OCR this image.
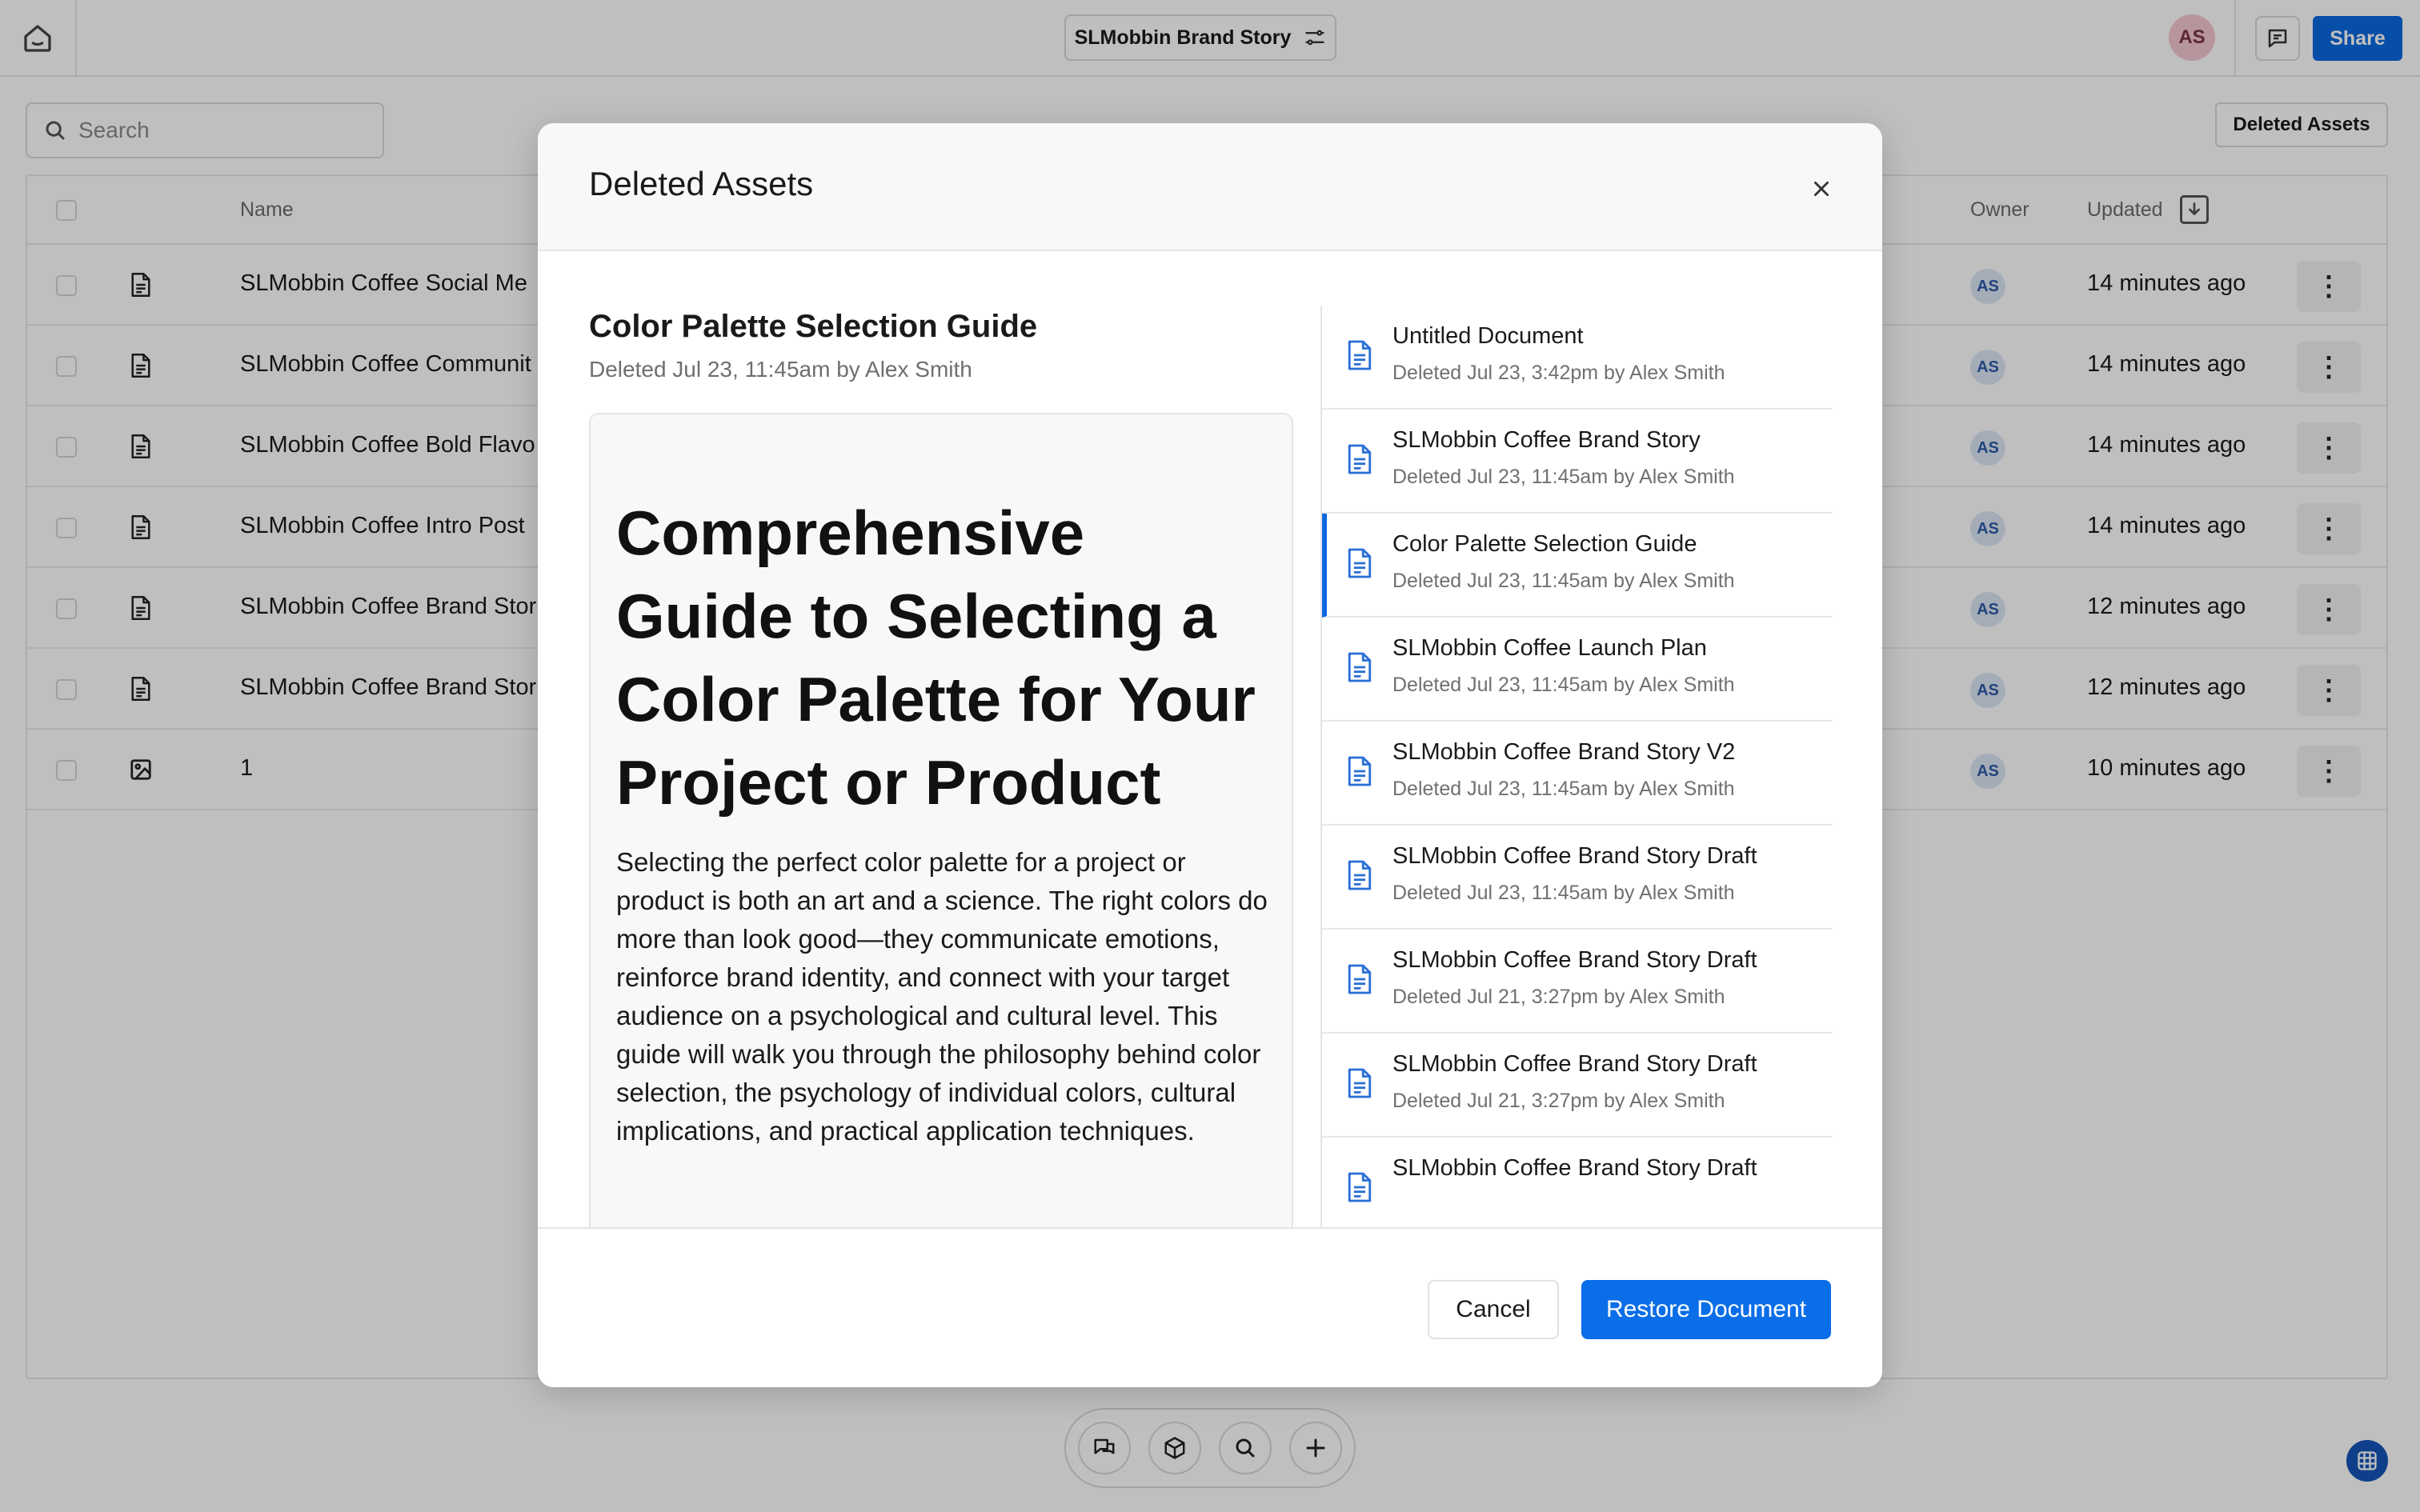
SLMobbin Brand Story	AS	Share
Search
Deleted Assets
Name	Owner	Updated
SLMobbin Coffee Social Me	AS	14 minutes ago	⋮
SLMobbin Coffee Communit	AS	14 minutes ago	⋮
SLMobbin Coffee Bold Flavo	AS	14 minutes ago	⋮
SLMobbin Coffee Intro Post	AS	14 minutes ago	⋮
SLMobbin Coffee Brand Stor	AS	12 minutes ago	⋮
SLMobbin Coffee Brand Stor	AS	12 minutes ago	⋮
1	AS	10 minutes ago	⋮
Deleted Assets
Color Palette Selection Guide
Deleted Jul 23, 11:45am by Alex Smith
Comprehensive Guide to Selecting a Color Palette for Your Project or Product
Selecting the perfect color palette for a project or product is both an art and a science. The right colors do more than look good—they communicate emotions, reinforce brand identity, and connect with your target audience on a psychological and cultural level. This guide will walk you through the philosophy behind color selection, the psychology of individual colors, cultural implications, and practical application techniques.
Untitled Document
Deleted Jul 23, 3:42pm by Alex Smith
SLMobbin Coffee Brand Story
Deleted Jul 23, 11:45am by Alex Smith
Color Palette Selection Guide
Deleted Jul 23, 11:45am by Alex Smith
SLMobbin Coffee Launch Plan
Deleted Jul 23, 11:45am by Alex Smith
SLMobbin Coffee Brand Story V2
Deleted Jul 23, 11:45am by Alex Smith
SLMobbin Coffee Brand Story Draft
Deleted Jul 23, 11:45am by Alex Smith
SLMobbin Coffee Brand Story Draft
Deleted Jul 21, 3:27pm by Alex Smith
SLMobbin Coffee Brand Story Draft
Deleted Jul 21, 3:27pm by Alex Smith
SLMobbin Coffee Brand Story Draft
Cancel	Restore Document
